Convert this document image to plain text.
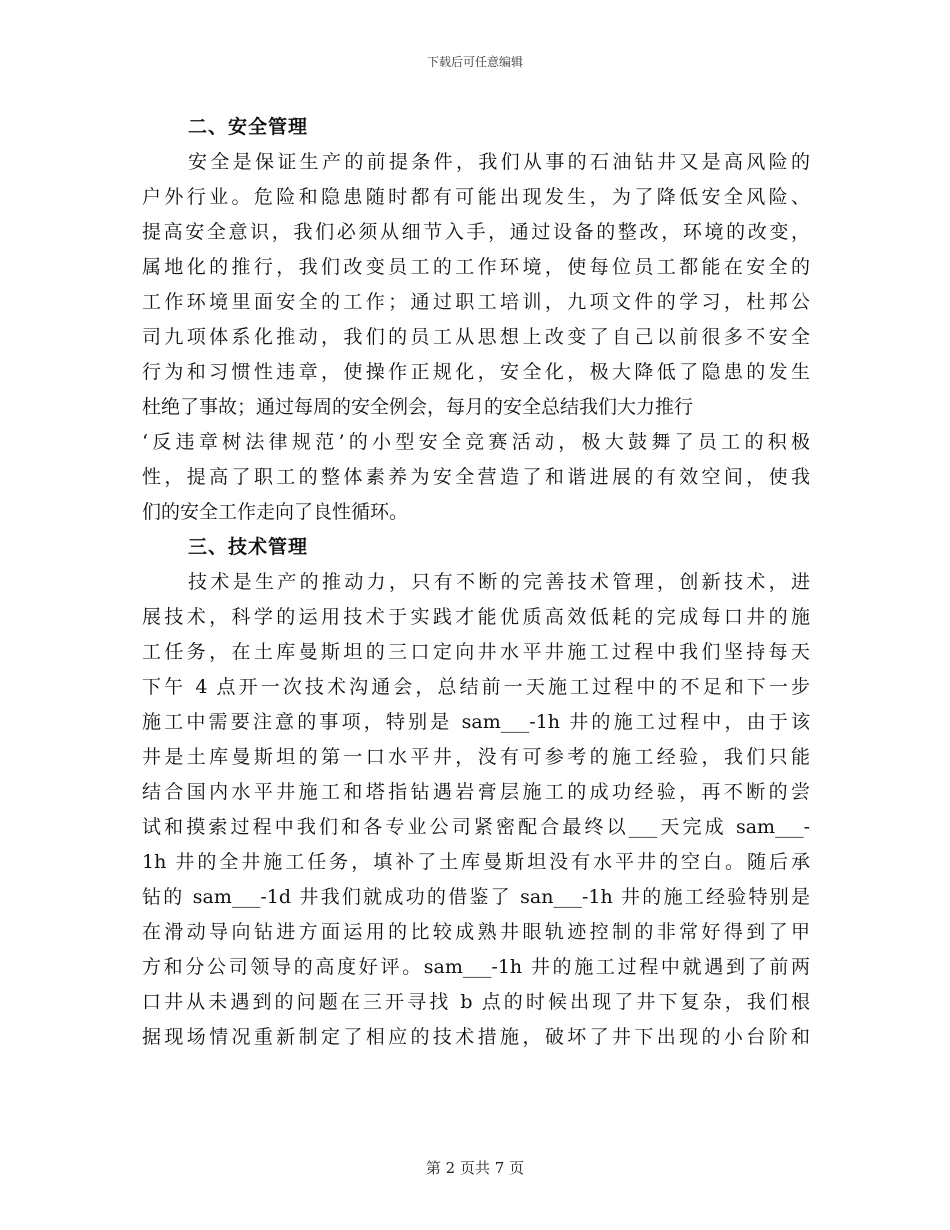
下载后可任意编辑

二、安全管理

安全是保证生产的前提条件，我们从事的石油钻井又是高风险的

户外行业。危险和隐患随时都有可能出现发生，为了降低安全风险、

提高安全意识，我们必须从细节入手，通过设备的整改，环境的改变，

属地化的推行，我们改变员工的工作环境，使每位员工都能在安全的

工作环境里面安全的工作；通过职工培训，九项文件的学习，杜邦公

司九项体系化推动，我们的员工从思想上改变了自己以前很多不安全

行为和习惯性违章，使操作正规化，安全化，极大降低了隐患的发生

杜绝了事故；通过每周的安全例会，每月的安全总结我们大力推行

‘反违章树法律规范’的小型安全竞赛活动，极大鼓舞了员工的积极

性，提高了职工的整体素养为安全营造了和谐进展的有效空间，使我

们的安全工作走向了良性循环。

三、技术管理

技术是生产的推动力，只有不断的完善技术管理，创新技术，进

展技术，科学的运用技术于实践才能优质高效低耗的完成每口井的施

工任务，在土库曼斯坦的三口定向井水平井施工过程中我们坚持每天

下午 4 点开一次技术沟通会，总结前一天施工过程中的不足和下一步

施工中需要注意的事项，特别是 sam___-1h 井的施工过程中，由于该

井是土库曼斯坦的第一口水平井，没有可参考的施工经验，我们只能

结合国内水平井施工和塔指钻遇岩膏层施工的成功经验，再不断的尝

试和摸索过程中我们和各专业公司紧密配合最终以___天完成 sam___-

1h 井的全井施工任务，填补了土库曼斯坦没有水平井的空白。随后承

钻的 sam___-1d 井我们就成功的借鉴了 san___-1h 井的施工经验特别是

在滑动导向钻进方面运用的比较成熟井眼轨迹控制的非常好得到了甲

方和分公司领导的高度好评。sam___-1h 井的施工过程中就遇到了前两

口井从未遇到的问题在三开寻找 b 点的时候出现了井下复杂，我们根

据现场情况重新制定了相应的技术措施，破坏了井下出现的小台阶和

第 2 页共 7 页
